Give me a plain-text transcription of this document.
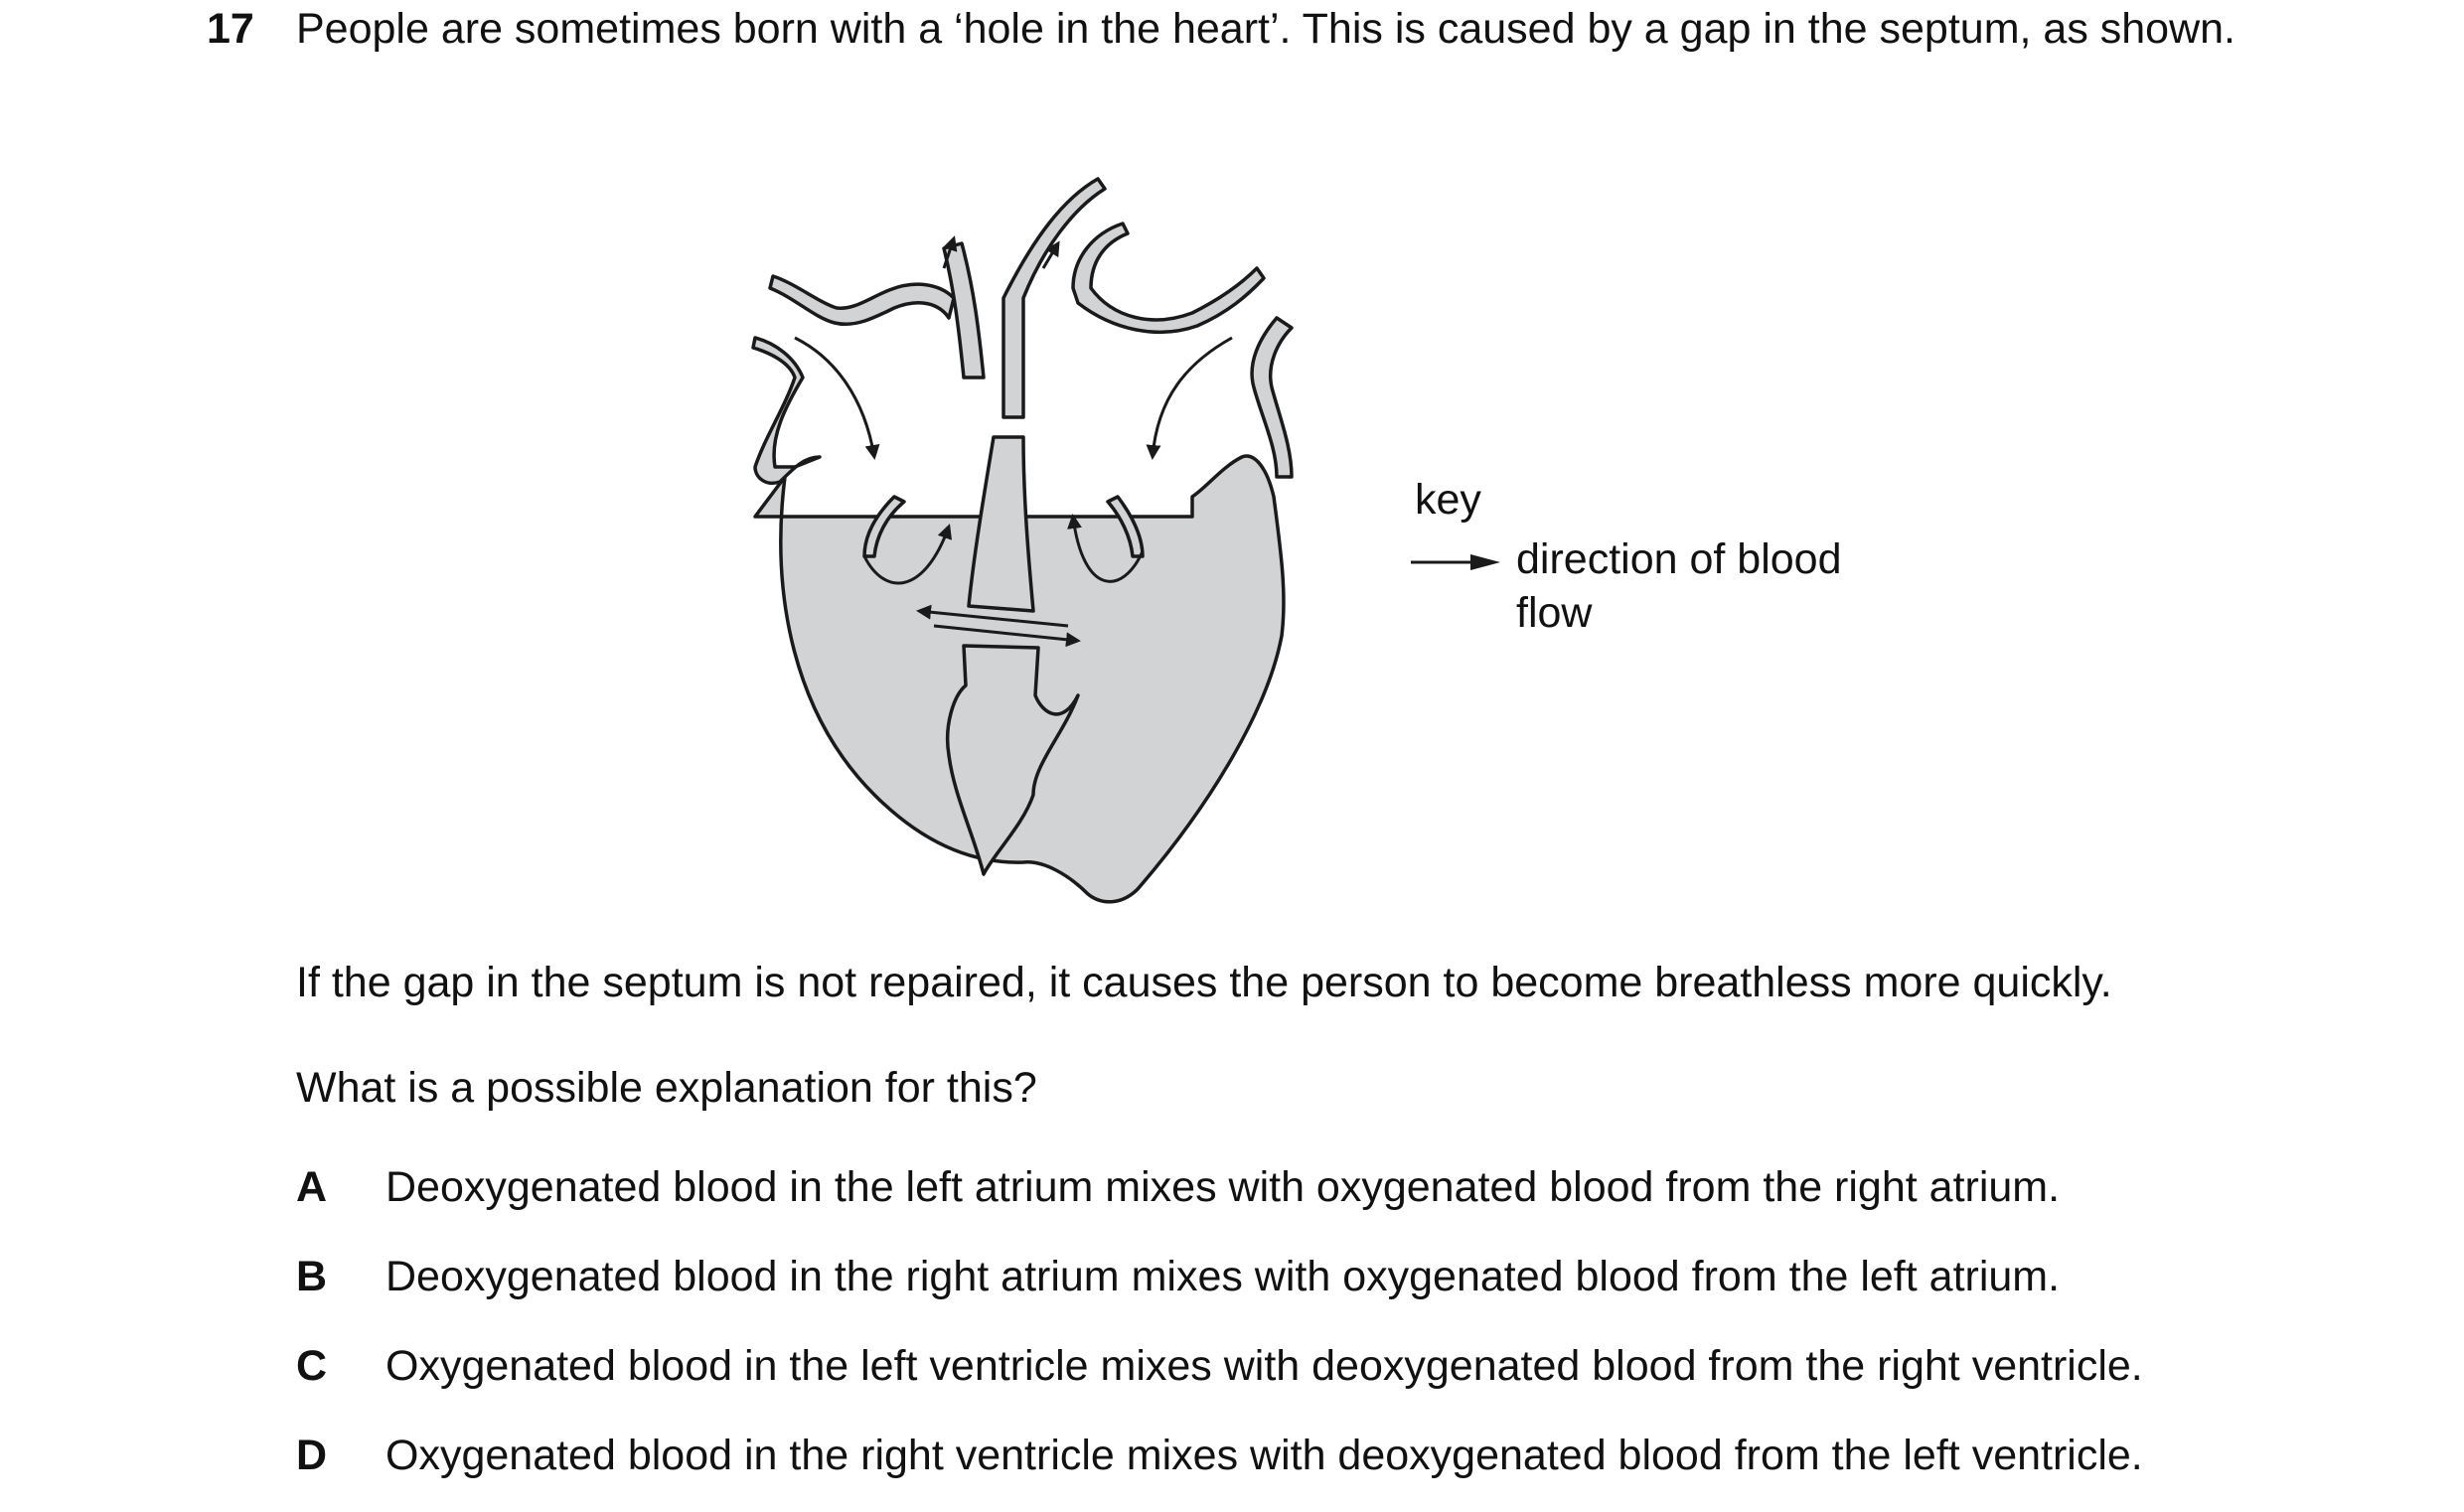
17 People are sometimes born with a ‘hole in the heart’. This is caused by a gap in the septum, as shown.
key
direction of blood flow
If the gap in the septum is not repaired, it causes the person to become breathless more quickly.
What is a possible explanation for this?
A Deoxygenated blood in the left atrium mixes with oxygenated blood from the right atrium.
B Deoxygenated blood in the right atrium mixes with oxygenated blood from the left atrium.
C Oxygenated blood in the left ventricle mixes with deoxygenated blood from the right ventricle.
D Oxygenated blood in the right ventricle mixes with deoxygenated blood from the left ventricle.
